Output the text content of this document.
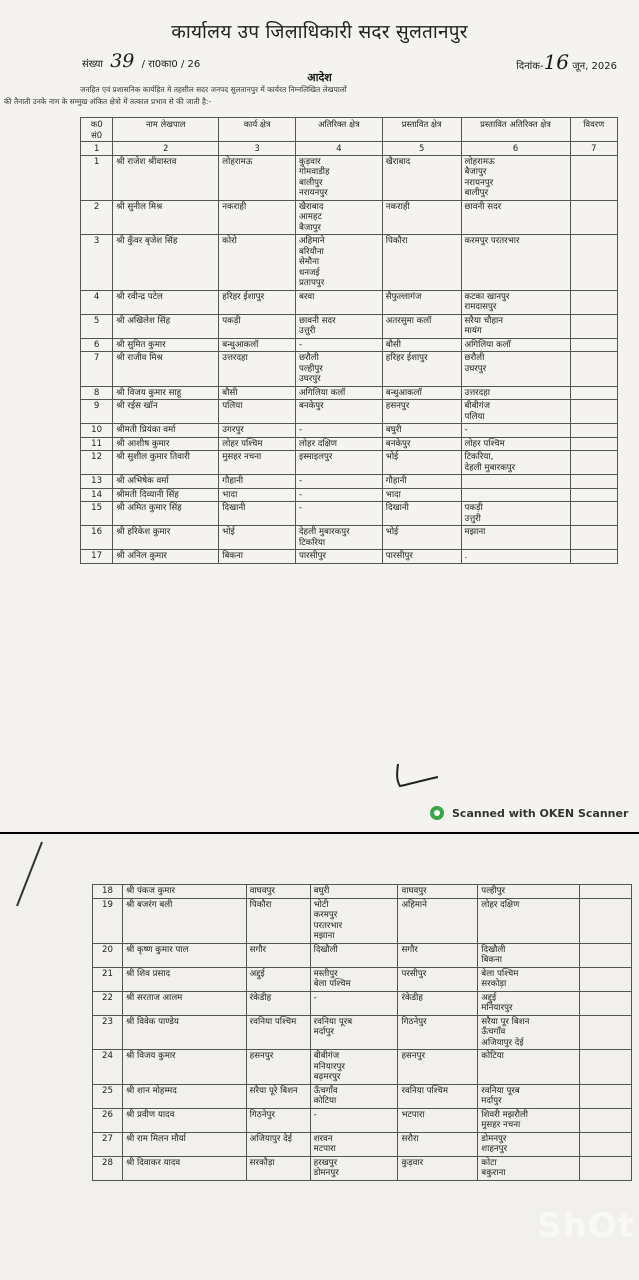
कार्यालय उप जिलाधिकारी सदर सुलतानपुर
संख्या 39 / रा0का0 / 26	दिनांक-16 जून, 2026
आदेश
जनहित एवं प्रशासनिक कार्यहित मे तहसील सदर जनपद सुलतानपुर में कार्यरत निम्नलिखित लेखपालों
की तैनाती उनके नाम के सम्मुख अंकित क्षेत्रो में तत्काल प्रभाव से की जाती है:-
क0 सं0	नाम लेखपाल	कार्य क्षेत्र	अतिरिक्त क्षेत्र	प्रस्तावित क्षेत्र	प्रस्तावित अतिरिक्त क्षेत्र	विवरण
1	2	3	4	5	6	7
1	श्री राजेश श्रीवास्तव	लोहरामऊ	कुड़वार
गोमवाडीह
बालीपुर
नरायनपुर	खैराबाद	लोहरामऊ
बैजापुर
नरायनपुर
बालीपुर	
2	श्री सुनील मिश्र	नकराही	खैराबाद
आमहट
बैजापुर	नकराही	छावनी सदर	
3	श्री कुँवर बृजेश सिंह	कोरो	अहिमाने
बरियौना
सेमौना
धनजई
प्रतापपुर	पिकौरा	करमपुर परतरभार	
4	श्री रवीन्द्र पटेल	हरिहर ईशापुर	बरवा	सैफुल्लागंज	कटका खानपुर
रामदासपुर	
5	श्री अखिलेश सिंह	पकड़ी	छावनी सदर
उत्तुरी	अतरसुमा कलॉ	सरैया चौहान
मायंग	
6	श्री सुमित कुमार	बन्धुआकलॉ	-	बौसी	अगिलिया कलॉ	
7	श्री राजीव मिश्र	उत्तरदहा	छरौली
पल्हीपुर
उघरपुर	हरिहर ईशापुर	छरौली
उघरपुर	
8	श्री विजय कुमार साहू	बौसी	अगिलिया कलॉ	बन्धुआकलॉ	उत्तरदहा	
9	श्री रईस खॉन	पलिया	बनकेपुर	हसनपुर	बीबीगंज
पलिया	
10	श्रीमती प्रियंका वर्मा	उगरपुर	-	बघुरी	-	
11	श्री आशीष कुमार	लोहर पश्चिम	लोहर दक्षिण	बनकेपुर	लोहर पश्चिम	
12	श्री सुशील कुमार तिवारी	मुसहर नचना	इस्माइलपुर	भोई	टिकरिया,
देहली मुबारकपुर	
13	श्री अभिषेक वर्मा	गौहानी	-	गौहानी		
14	श्रीमती दिव्यानी सिंह	भादा	-	भादा		
15	श्री अमित कुमार सिंह	दिखानी	-	दिखानी	पकड़ी
उत्तुरी	
16	श्री हरिकेश कुमार	भोई	देहली मुबारकपुर
टिकरिया	भोई	मझाना	
17	श्री अनिल कुमार	बिकना	पारसीपुर	पारसीपुर	.	
Scanned with OKEN Scanner
18	श्री पंकज कुमार	वाघवपुर	बघुरी	वाघवपुर	पल्हीपुर	
19	श्री बजरंग बली	पिकौरा	भोटी
करमपुर
परतरभार
मझाना	अहिमाने	लोहर दक्षिण	
20	श्री कृष्ण कुमार पाल	सगौर	दिखौली	सगौर	दिखौली
बिकना	
21	श्री शिव प्रसाद	अद्दुई	मस्तीपुर
बेला पश्चिम	परसीपुर	बेला पश्चिम
सरकोड़ा	
22	श्री सरताज आलम	रंकेडीह	-	रंकेडीह	अद्दुई
मनियारपुर	
23	श्री विवेक पाण्डेय	रवनिया पश्चिम	रवनिया पूरब
मर्दापुर	गिठनेपुर	सरैया पूर बिशन
ऊँचगाँव
अजियापुर देई	
24	श्री विजय कुमार	हसनपुर	बीबीगंज
मनियारपुर
बढ़मरपुर	हसनपुर	कोटिया	
25	श्री शान मोहम्मद	सरैया पूरे बिशन	ऊँचगाँव
कोटिया	रवनिया पश्चिम	रवनिया पूरब
मर्दापुर	
26	श्री प्रवीण यादव	गिठनेपुर	-	भटपारा	शिवरी मझरौली
मुसहर नचना	
27	श्री राम मिलन मौर्या	अजियापुर देई	शरवन
मटपारा	सरौरा	डोमनपुर
शाहनपुर	
28	श्री दिवाकर यादव	सरकौड़ा	हरखपुर
डोमनपुर	कुड़वार	कोटा
बकुराना	
ShOt
